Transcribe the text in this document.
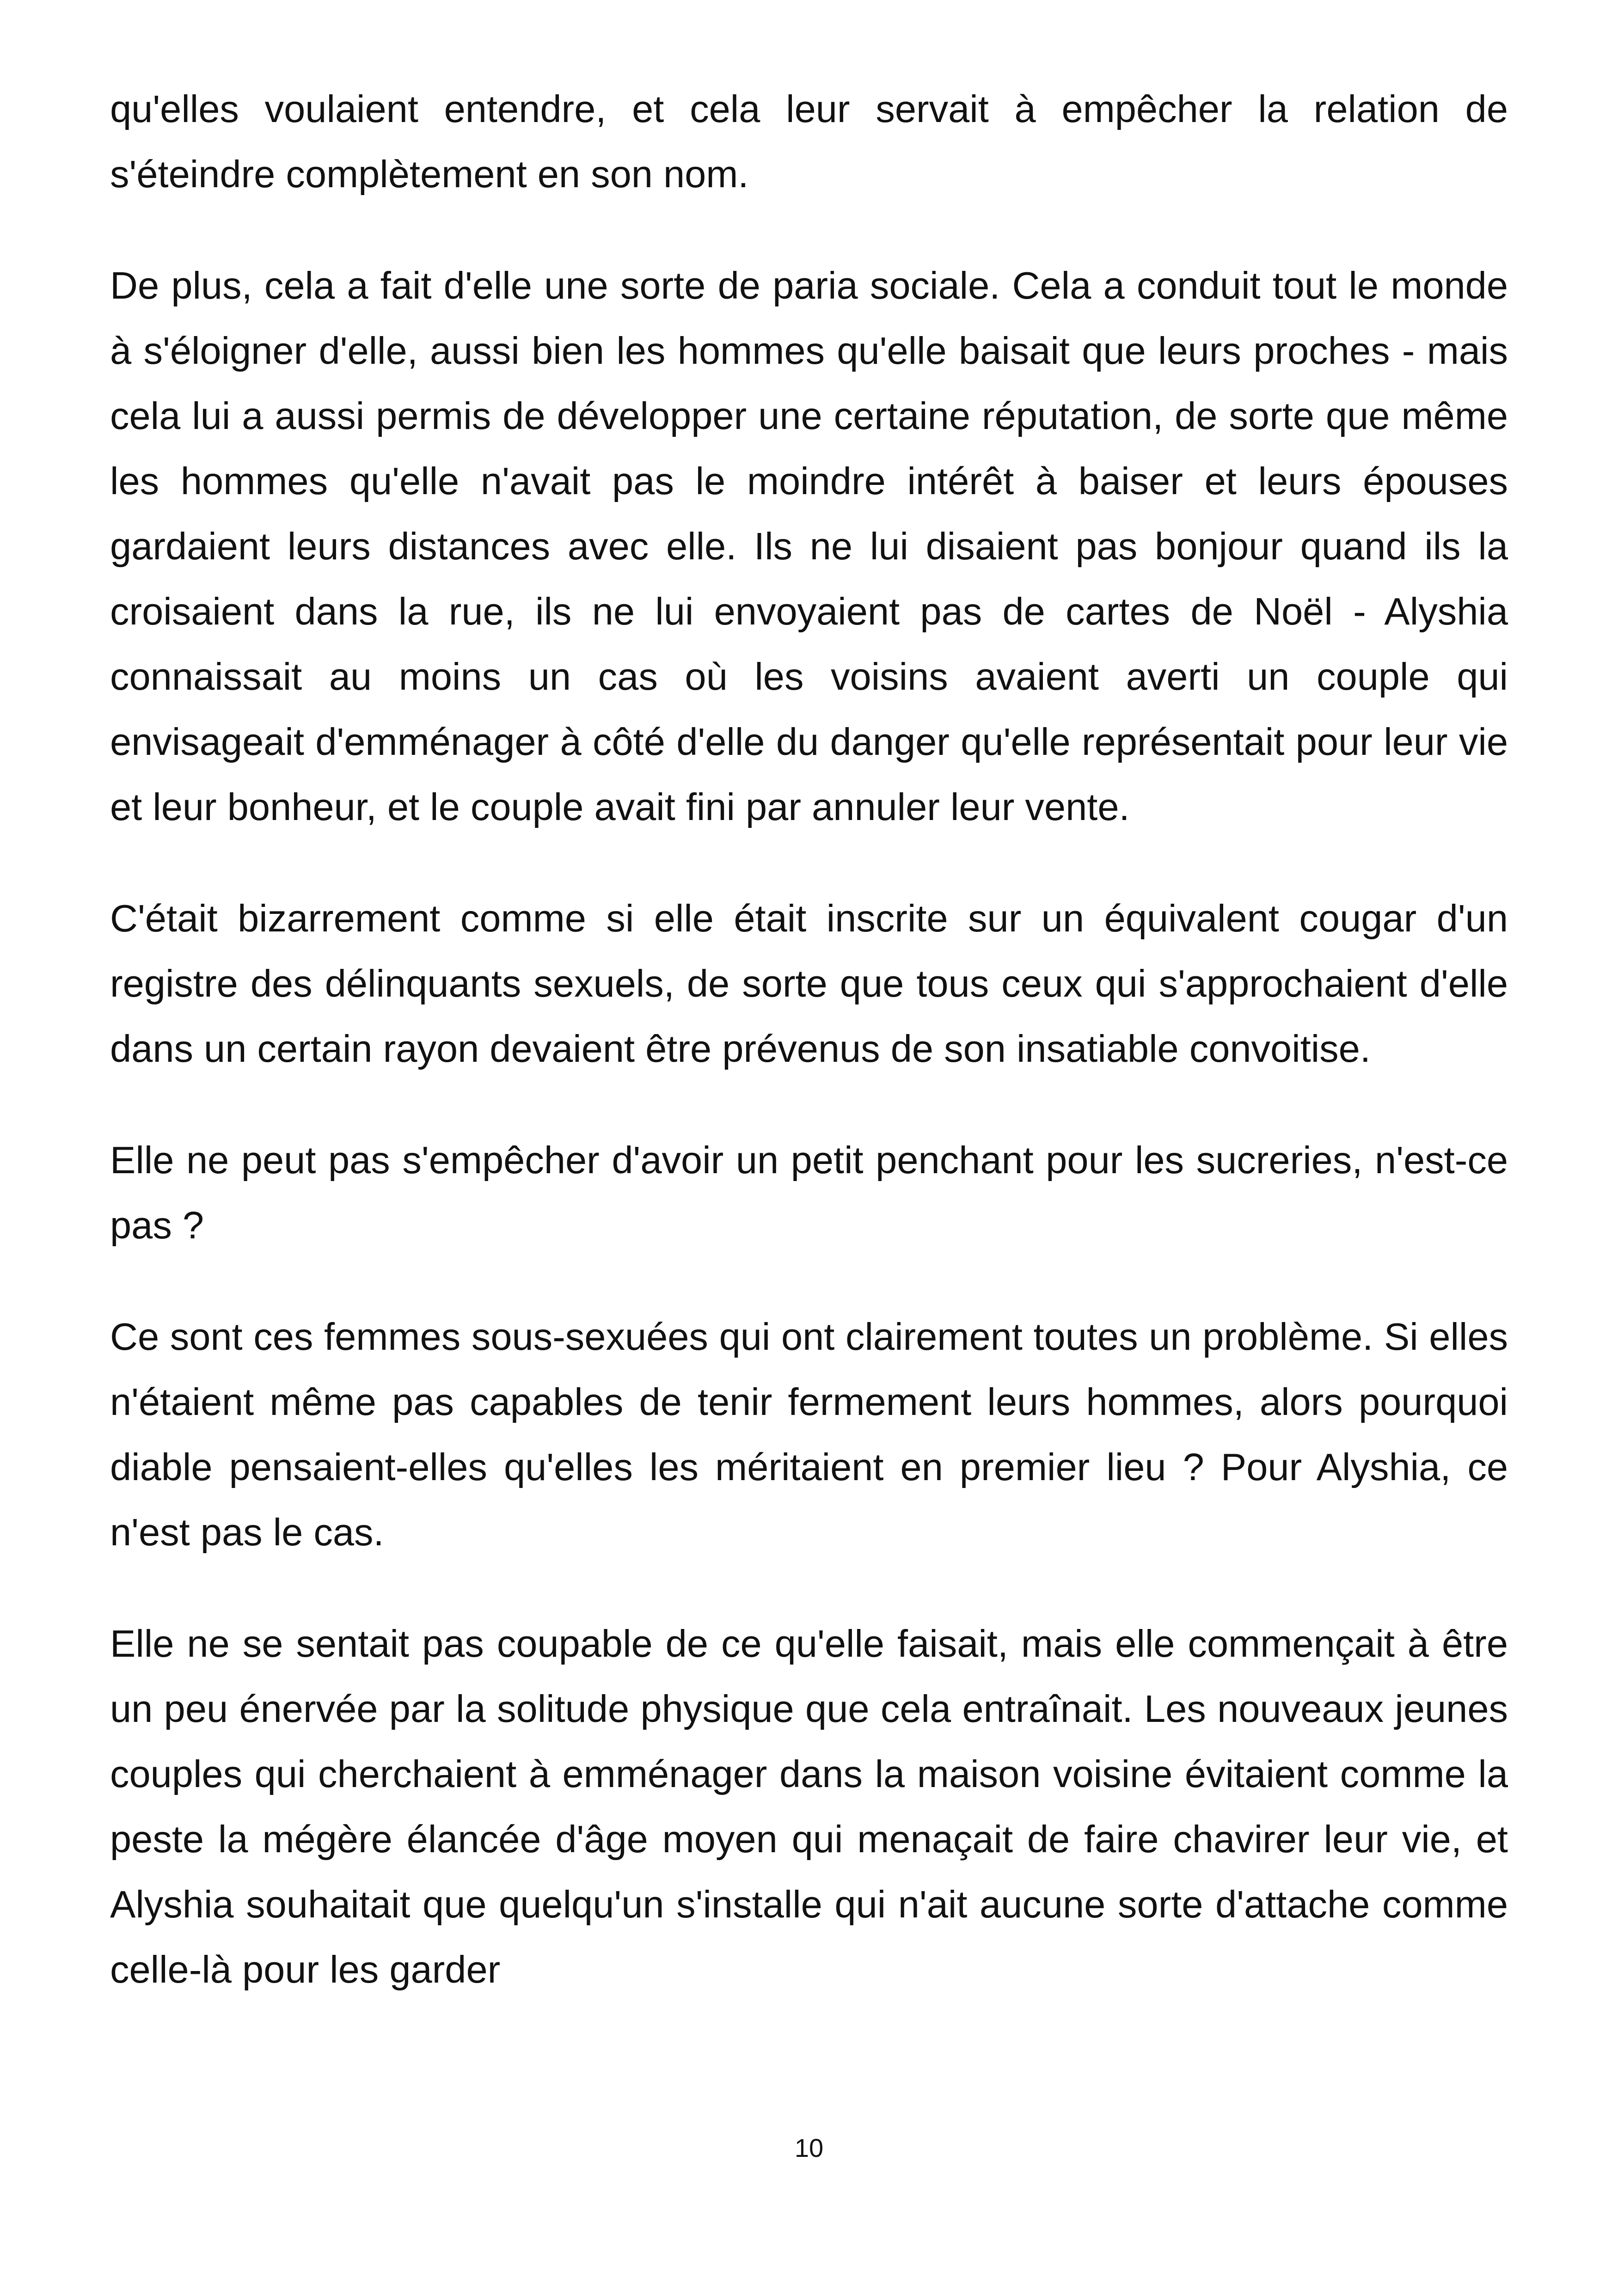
qu'elles voulaient entendre, et cela leur servait à empêcher la relation de s'éteindre complètement en son nom.

De plus, cela a fait d'elle une sorte de paria sociale. Cela a conduit tout le monde à s'éloigner d'elle, aussi bien les hommes qu'elle baisait que leurs proches - mais cela lui a aussi permis de développer une certaine réputation, de sorte que même les hommes qu'elle n'avait pas le moindre intérêt à baiser et leurs épouses gardaient leurs distances avec elle. Ils ne lui disaient pas bonjour quand ils la croisaient dans la rue, ils ne lui envoyaient pas de cartes de Noël - Alyshia connaissait au moins un cas où les voisins avaient averti un couple qui envisageait d'emménager à côté d'elle du danger qu'elle représentait pour leur vie et leur bonheur, et le couple avait fini par annuler leur vente.

C'était bizarrement comme si elle était inscrite sur un équivalent cougar d'un registre des délinquants sexuels, de sorte que tous ceux qui s'approchaient d'elle dans un certain rayon devaient être prévenus de son insatiable convoitise.

Elle ne peut pas s'empêcher d'avoir un petit penchant pour les sucreries, n'est-ce pas ?

Ce sont ces femmes sous-sexuées qui ont clairement toutes un problème. Si elles n'étaient même pas capables de tenir fermement leurs hommes, alors pourquoi diable pensaient-elles qu'elles les méritaient en premier lieu ? Pour Alyshia, ce n'est pas le cas.

Elle ne se sentait pas coupable de ce qu'elle faisait, mais elle commençait à être un peu énervée par la solitude physique que cela entraînait. Les nouveaux jeunes couples qui cherchaient à emménager dans la maison voisine évitaient comme la peste la mégère élancée d'âge moyen qui menaçait de faire chavirer leur vie, et Alyshia souhaitait que quelqu'un s'installe qui n'ait aucune sorte d'attache comme celle-là pour les garder

10
